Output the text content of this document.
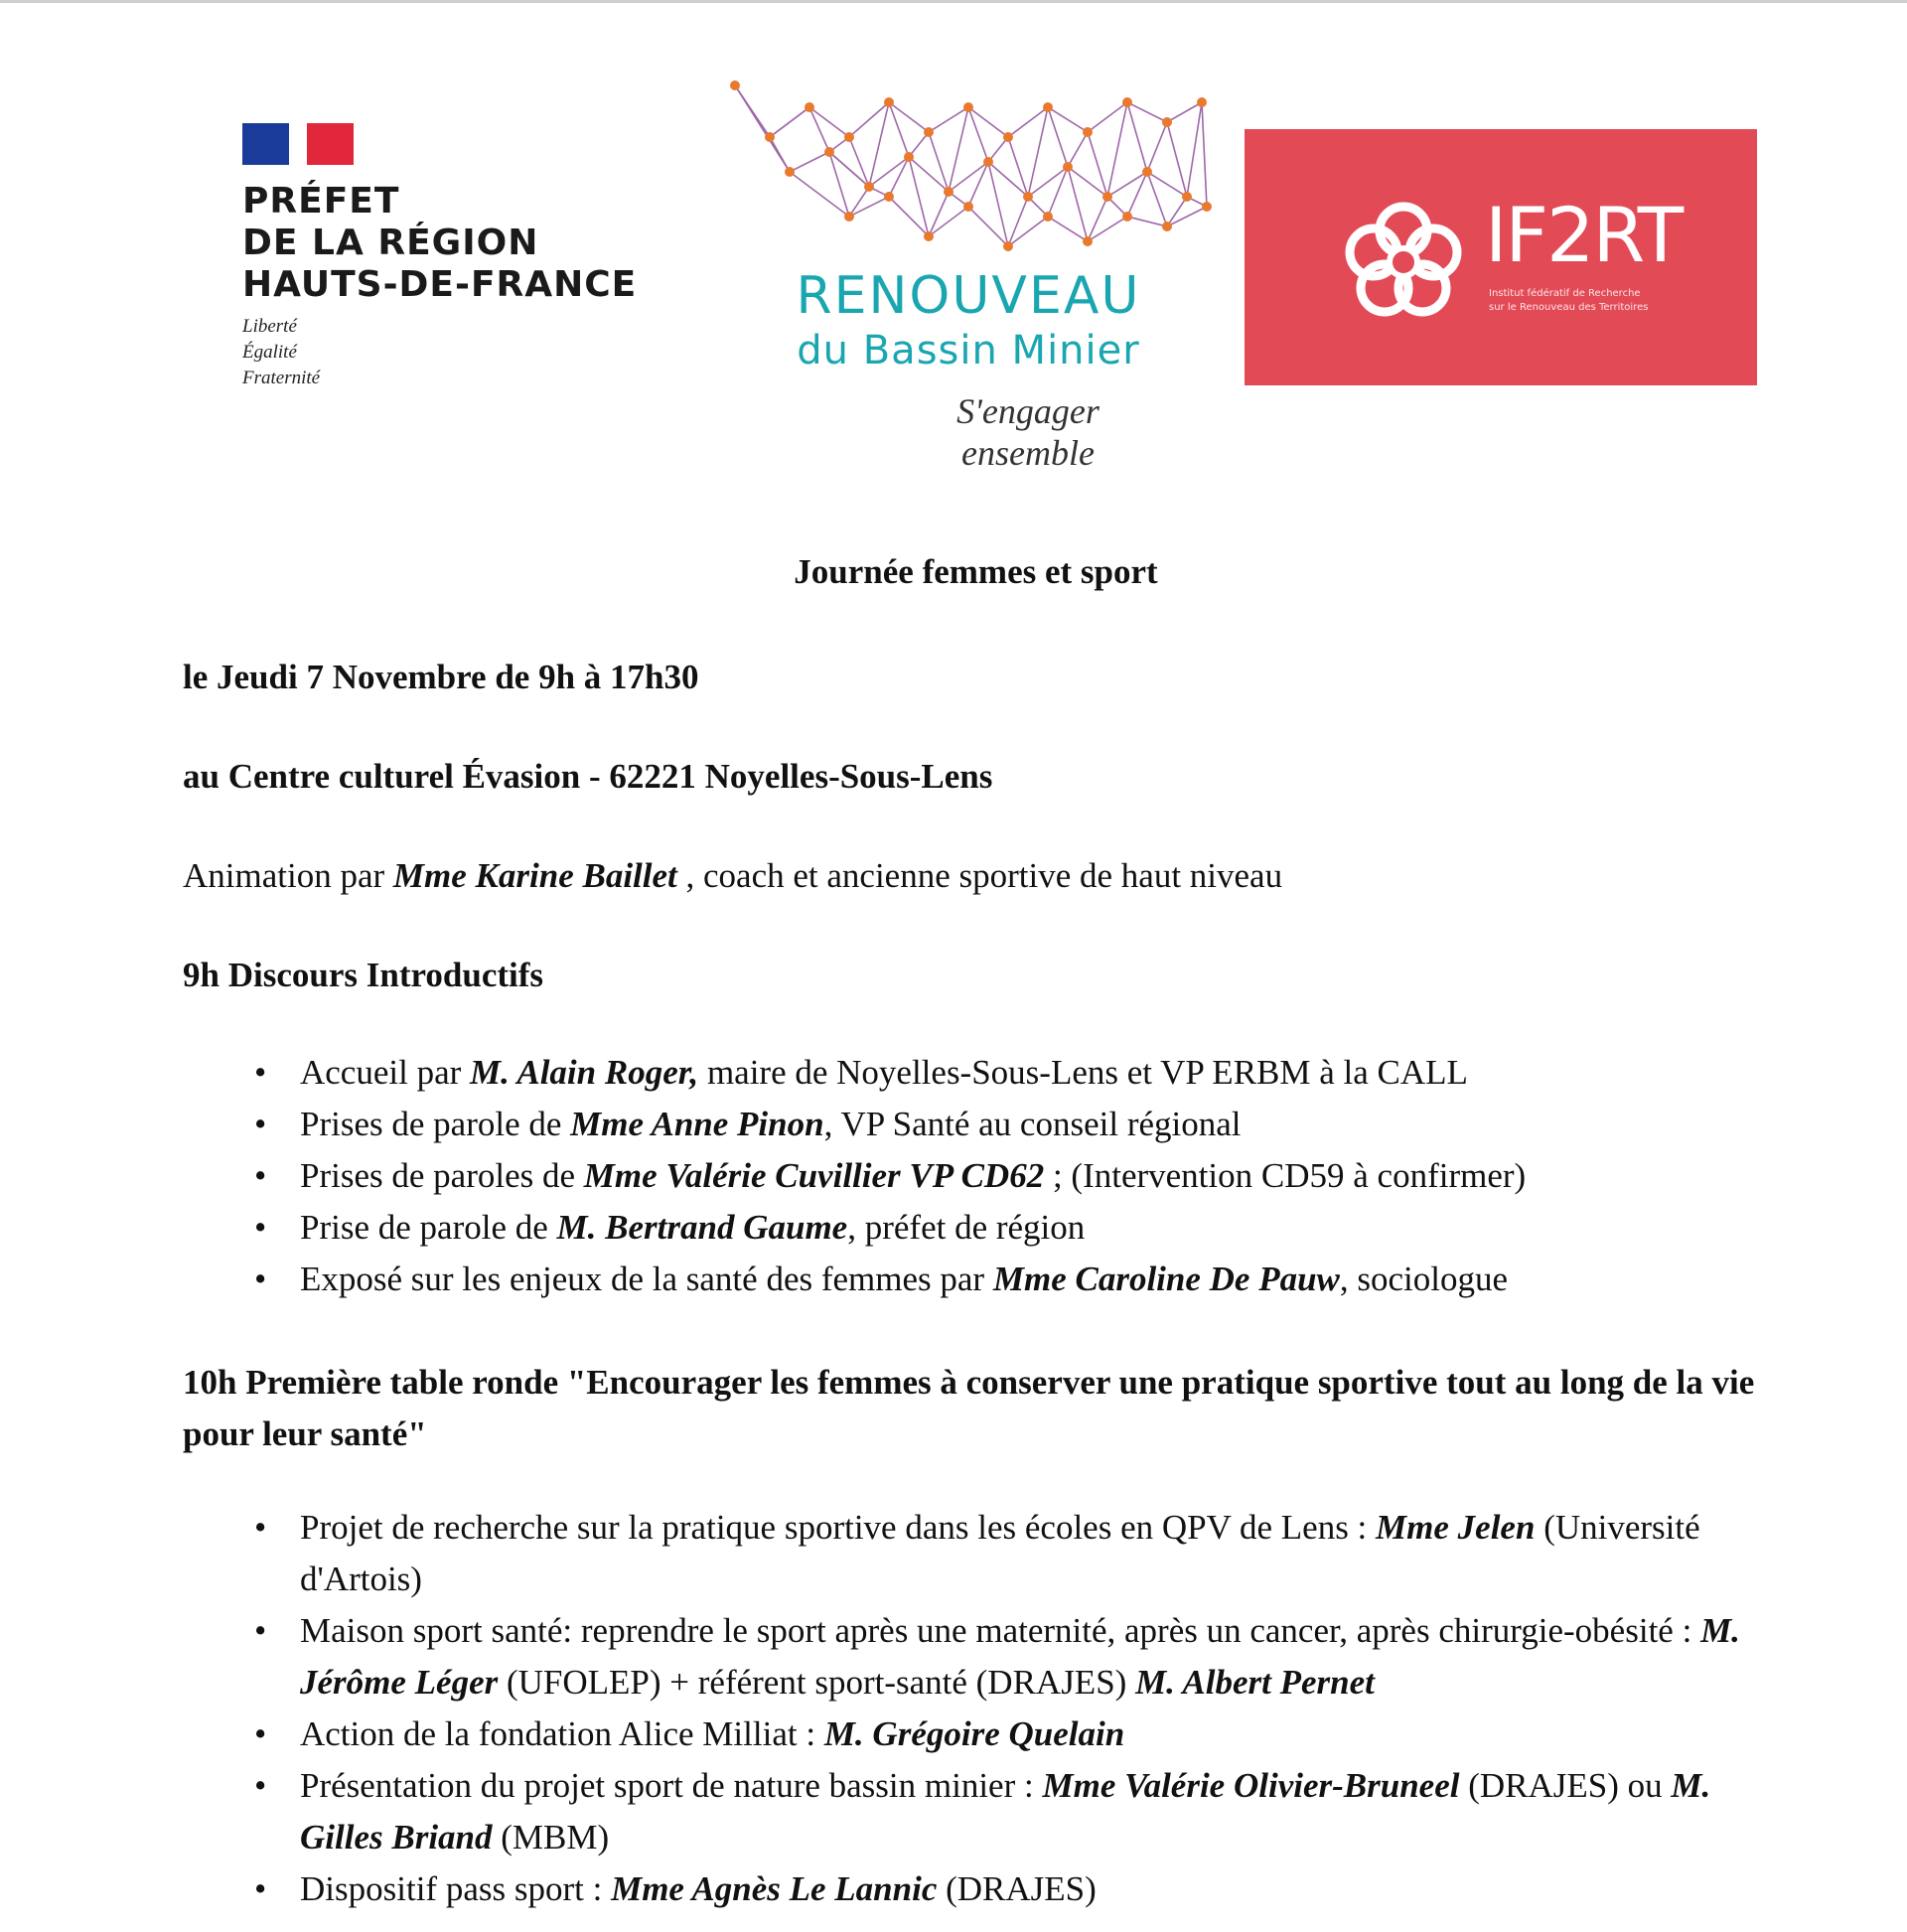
PRÉFET
DE LA RÉGION
HAUTS-DE-FRANCE
Liberté
Égalité
Fraternité
RENOUVEAU
du Bassin Minier
S'engager ensemble
IF2RT
Institut fédératif de Recherche
sur le Renouveau des Territoires
Journée femmes et sport
le Jeudi 7 Novembre de 9h à 17h30
au Centre culturel Évasion - 62221 Noyelles-Sous-Lens
Animation par Mme Karine Baillet , coach et ancienne sportive de haut niveau
9h Discours Introductifs
• Accueil par M. Alain Roger, maire de Noyelles-Sous-Lens et VP ERBM à la CALL
• Prises de parole de Mme Anne Pinon, VP Santé au conseil régional
• Prises de paroles de Mme Valérie Cuvillier VP CD62 ; (Intervention CD59 à confirmer)
• Prise de parole de M. Bertrand Gaume, préfet de région
• Exposé sur les enjeux de la santé des femmes par Mme Caroline De Pauw, sociologue
10h Première table ronde "Encourager les femmes à conserver une pratique sportive tout au long de la vie pour leur santé"
• Projet de recherche sur la pratique sportive dans les écoles en QPV de Lens : Mme Jelen (Université d'Artois)
• Maison sport santé: reprendre le sport après une maternité, après un cancer, après chirurgie-obésité : M. Jérôme Léger (UFOLEP) + référent sport-santé (DRAJES) M. Albert Pernet
• Action de la fondation Alice Milliat : M. Grégoire Quelain
• Présentation du projet sport de nature bassin minier : Mme Valérie Olivier-Bruneel (DRAJES) ou M. Gilles Briand (MBM)
• Dispositif pass sport : Mme Agnès Le Lannic (DRAJES)
